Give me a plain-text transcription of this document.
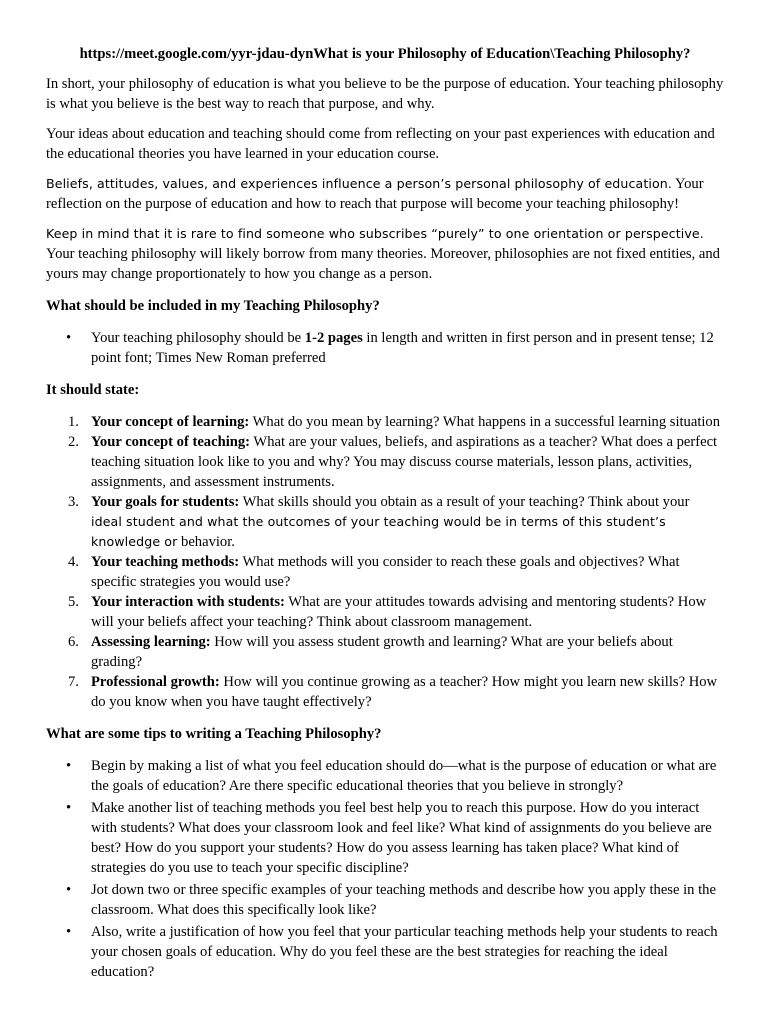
https://meet.google.com/yyr-jdau-dynWhat is your Philosophy of Education\Teaching Philosophy?

In short, your philosophy of education is what you believe to be the purpose of education. Your teaching philosophy is what you believe is the best way to reach that purpose, and why.

Your ideas about education and teaching should come from reflecting on your past experiences with education and the educational theories you have learned in your education course.

Beliefs, attitudes, values, and experiences influence a person’s personal philosophy of education. Your reflection on the purpose of education and how to reach that purpose will become your teaching philosophy!

Keep in mind that it is rare to find someone who subscribes “purely” to one orientation or perspective. Your teaching philosophy will likely borrow from many theories. Moreover, philosophies are not fixed entities, and yours may change proportionately to how you change as a person.

What should be included in my Teaching Philosophy?
• Your teaching philosophy should be 1-2 pages in length and written in first person and in present tense; 12 point font; Times New Roman preferred
It should state:
1. Your concept of learning: What do you mean by learning? What happens in a successful learning situation
2. Your concept of teaching: What are your values, beliefs, and aspirations as a teacher? What does a perfect teaching situation look like to you and why? You may discuss course materials, lesson plans, activities, assignments, and assessment instruments.
3. Your goals for students: What skills should you obtain as a result of your teaching? Think about your ideal student and what the outcomes of your teaching would be in terms of this student’s knowledge or behavior.
4. Your teaching methods: What methods will you consider to reach these goals and objectives? What specific strategies you would use?
5. Your interaction with students: What are your attitudes towards advising and mentoring students? How will your beliefs affect your teaching? Think about classroom management.
6. Assessing learning: How will you assess student growth and learning? What are your beliefs about grading?
7. Professional growth: How will you continue growing as a teacher? How might you learn new skills? How do you know when you have taught effectively?
What are some tips to writing a Teaching Philosophy?
• Begin by making a list of what you feel education should do—what is the purpose of education or what are the goals of education? Are there specific educational theories that you believe in strongly?
• Make another list of teaching methods you feel best help you to reach this purpose. How do you interact with students? What does your classroom look and feel like? What kind of assignments do you believe are best? How do you support your students? How do you assess learning has taken place? What kind of strategies do you use to teach your specific discipline?
• Jot down two or three specific examples of your teaching methods and describe how you apply these in the classroom. What does this specifically look like?
• Also, write a justification of how you feel that your particular teaching methods help your students to reach your chosen goals of education. Why do you feel these are the best strategies for reaching the ideal education?
